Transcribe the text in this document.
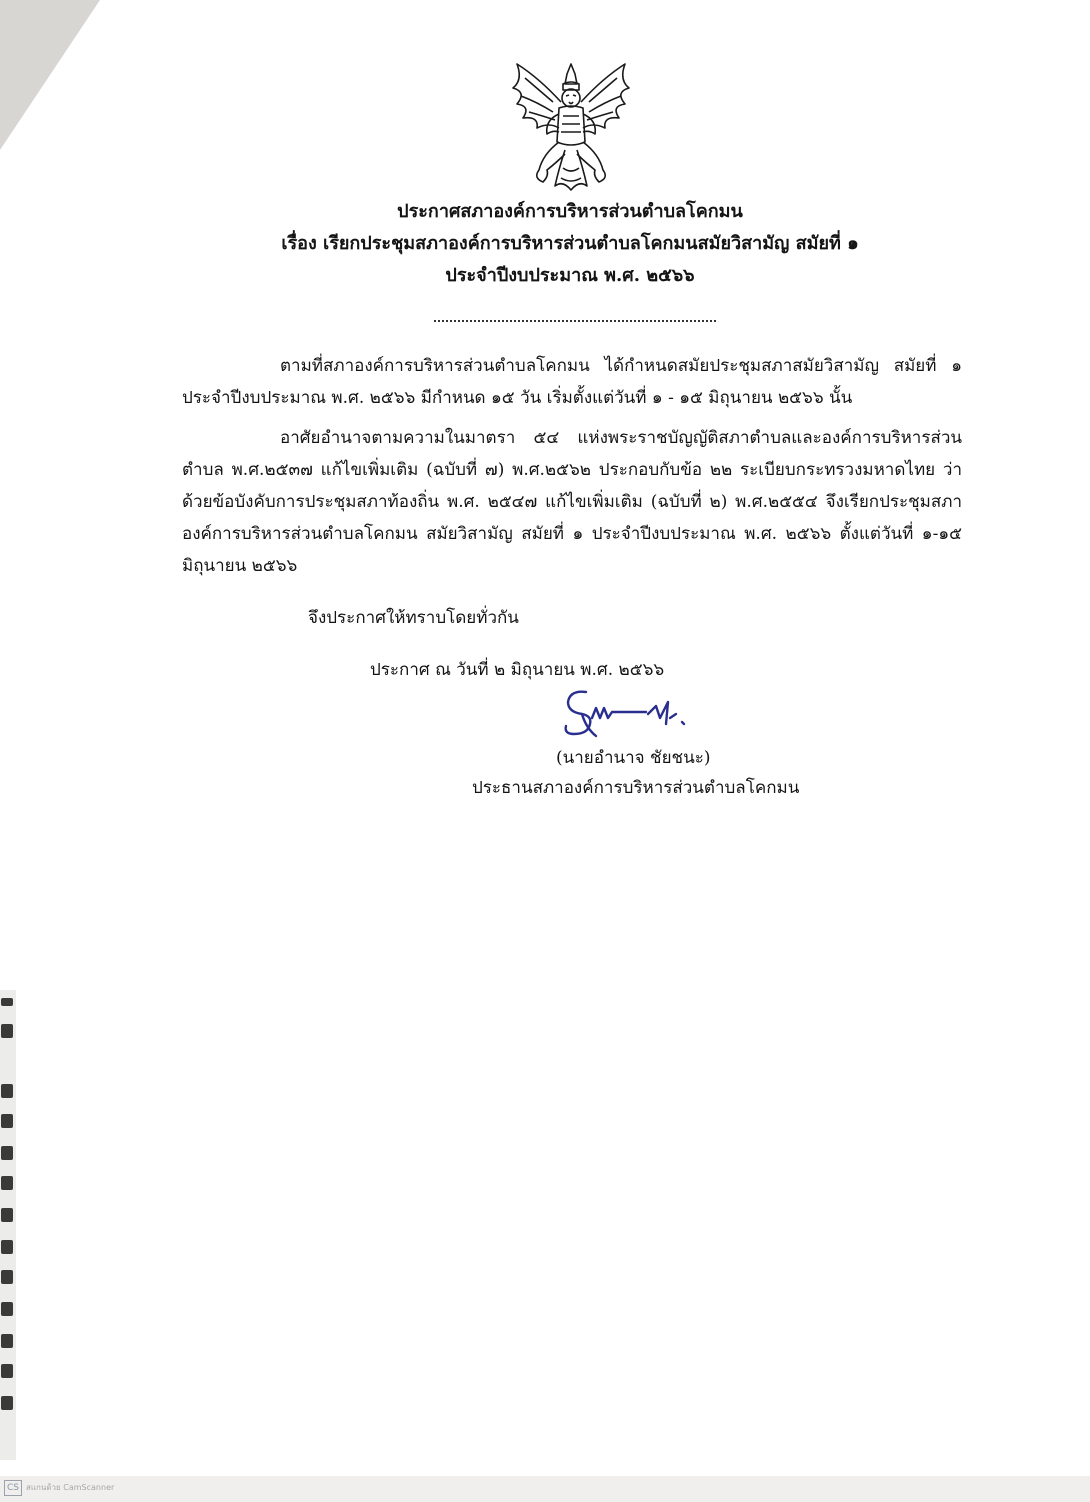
ประกาศสภาองค์การบริหารส่วนตำบลโคกมน
เรื่อง เรียกประชุมสภาองค์การบริหารส่วนตำบลโคกมนสมัยวิสามัญ สมัยที่ ๑
ประจำปีงบประมาณ พ.ศ. ๒๕๖๖
ตามที่สภาองค์การบริหารส่วนตำบลโคกมน ได้กำหนดสมัยประชุมสภาสมัยวิสามัญ สมัยที่ ๑ ประจำปีงบประมาณ พ.ศ. ๒๕๖๖ มีกำหนด ๑๕ วัน เริ่มตั้งแต่วันที่ ๑ - ๑๕ มิถุนายน ๒๕๖๖ นั้น
อาศัยอำนาจตามความในมาตรา ๕๔ แห่งพระราชบัญญัติสภาตำบลและองค์การบริหารส่วนตำบล พ.ศ.๒๕๓๗ แก้ไขเพิ่มเติม (ฉบับที่ ๗) พ.ศ.๒๕๖๒ ประกอบกับข้อ ๒๒ ระเบียบกระทรวงมหาดไทย ว่าด้วยข้อบังคับการประชุมสภาท้องถิ่น พ.ศ. ๒๕๔๗ แก้ไขเพิ่มเติม (ฉบับที่ ๒) พ.ศ.๒๕๕๔ จึงเรียกประชุมสภาองค์การบริหารส่วนตำบลโคกมน สมัยวิสามัญ สมัยที่ ๑ ประจำปีงบประมาณ พ.ศ. ๒๕๖๖ ตั้งแต่วันที่ ๑-๑๕ มิถุนายน ๒๕๖๖
จึงประกาศให้ทราบโดยทั่วกัน
ประกาศ ณ วันที่ ๒ มิถุนายน พ.ศ. ๒๕๖๖
(นายอำนาจ ชัยชนะ)
ประธานสภาองค์การบริหารส่วนตำบลโคกมน
CS สแกนด้วย CamScanner
